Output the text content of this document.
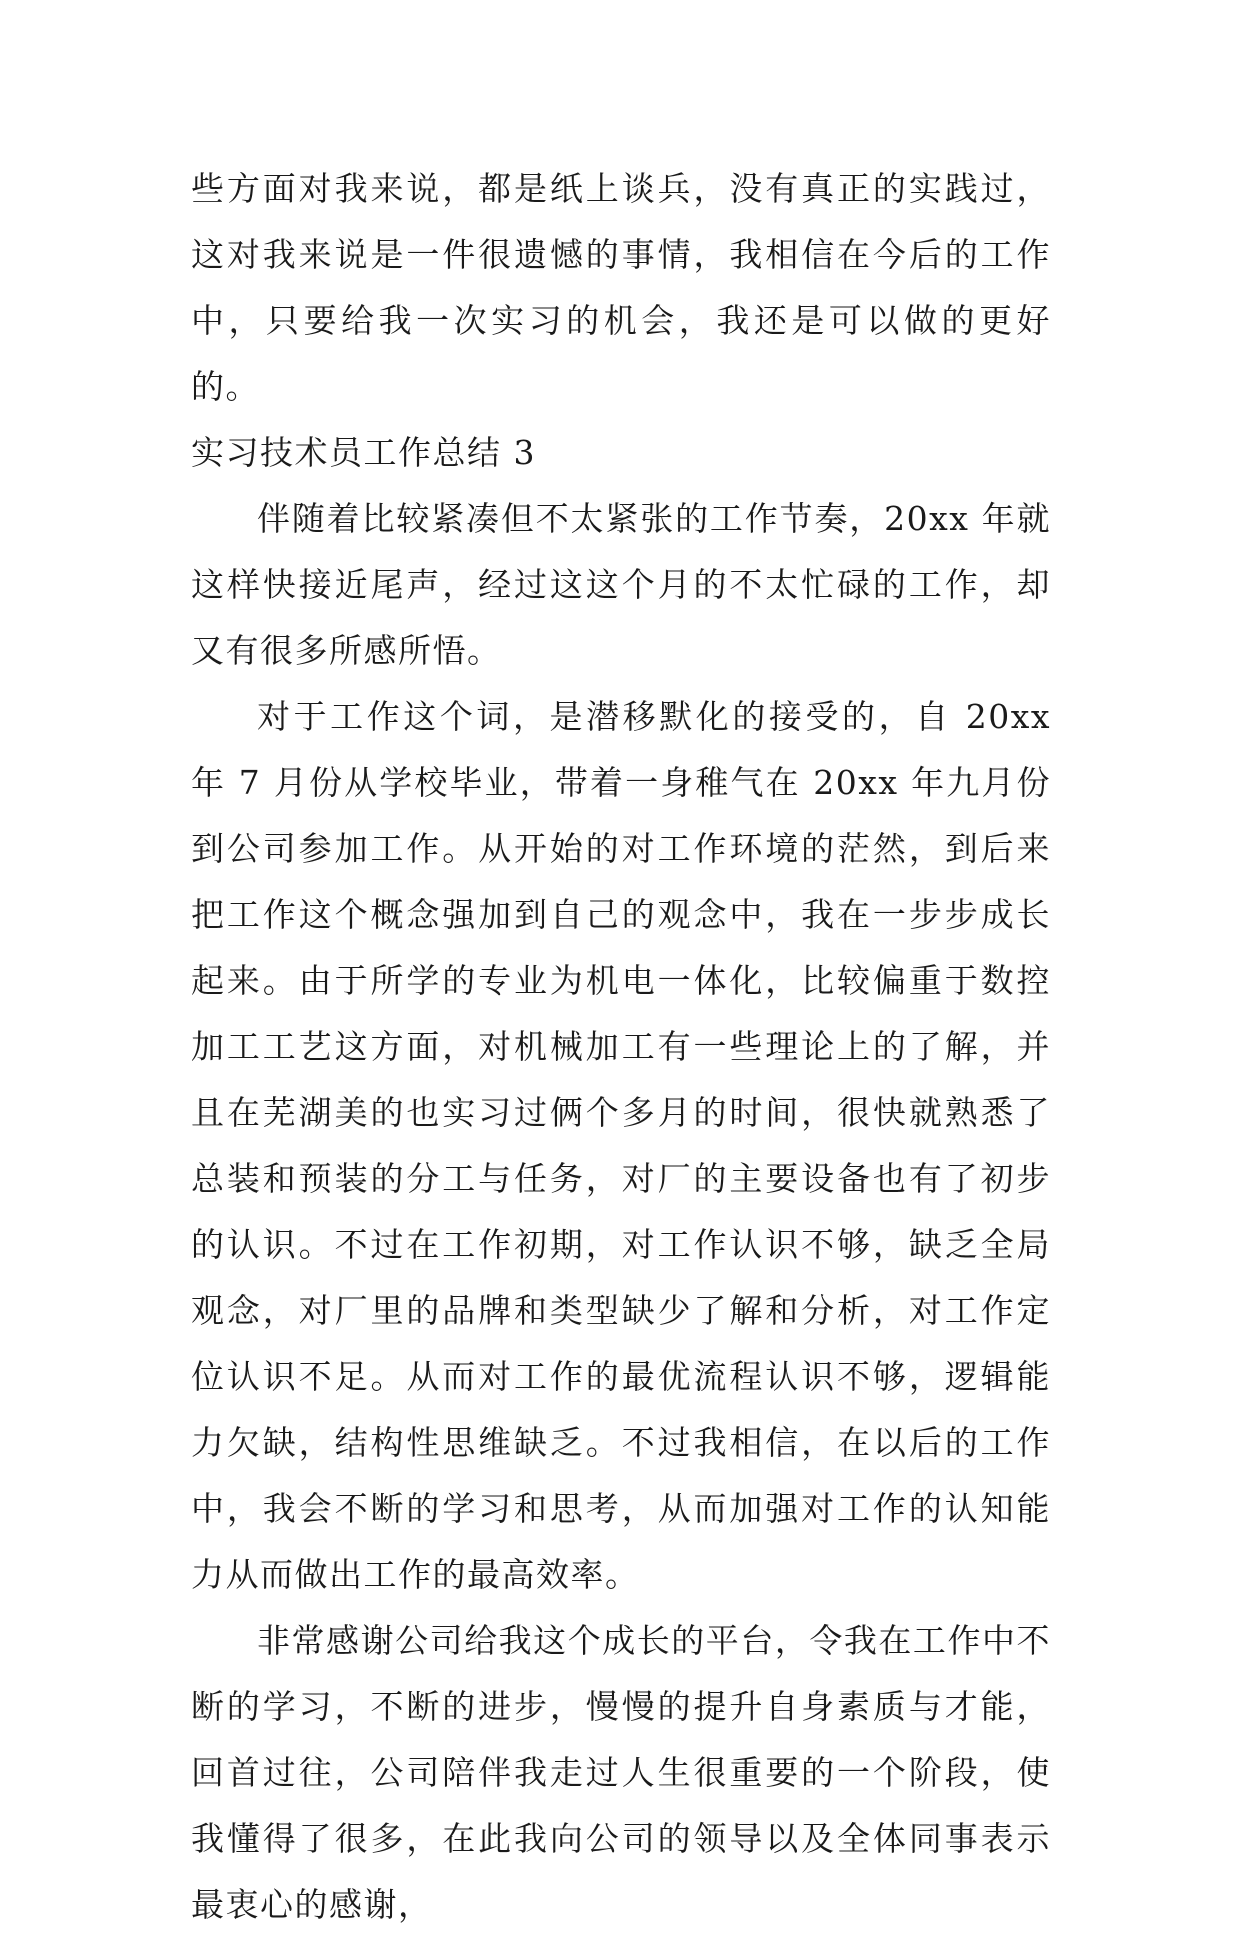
些方面对我来说，都是纸上谈兵，没有真正的实践过，这对我来说是一件很遗憾的事情，我相信在今后的工作中，只要给我一次实习的机会，我还是可以做的更好的。

实习技术员工作总结 3

伴随着比较紧凑但不太紧张的工作节奏，20xx 年就这样快接近尾声，经过这这个月的不太忙碌的工作，却又有很多所感所悟。

对于工作这个词，是潜移默化的接受的，自 20xx 年 7 月份从学校毕业，带着一身稚气在 20xx 年九月份到公司参加工作。从开始的对工作环境的茫然，到后来把工作这个概念强加到自己的观念中，我在一步步成长起来。由于所学的专业为机电一体化，比较偏重于数控加工工艺这方面，对机械加工有一些理论上的了解，并且在芜湖美的也实习过俩个多月的时间，很快就熟悉了总装和预装的分工与任务，对厂的主要设备也有了初步的认识。不过在工作初期，对工作认识不够，缺乏全局观念，对厂里的品牌和类型缺少了解和分析，对工作定位认识不足。从而对工作的最优流程认识不够，逻辑能力欠缺，结构性思维缺乏。不过我相信，在以后的工作中，我会不断的学习和思考，从而加强对工作的认知能力从而做出工作的最高效率。

非常感谢公司给我这个成长的平台，令我在工作中不断的学习，不断的进步，慢慢的提升自身素质与才能，回首过往，公司陪伴我走过人生很重要的一个阶段，使我懂得了很多，在此我向公司的领导以及全体同事表示最衷心的感谢，
